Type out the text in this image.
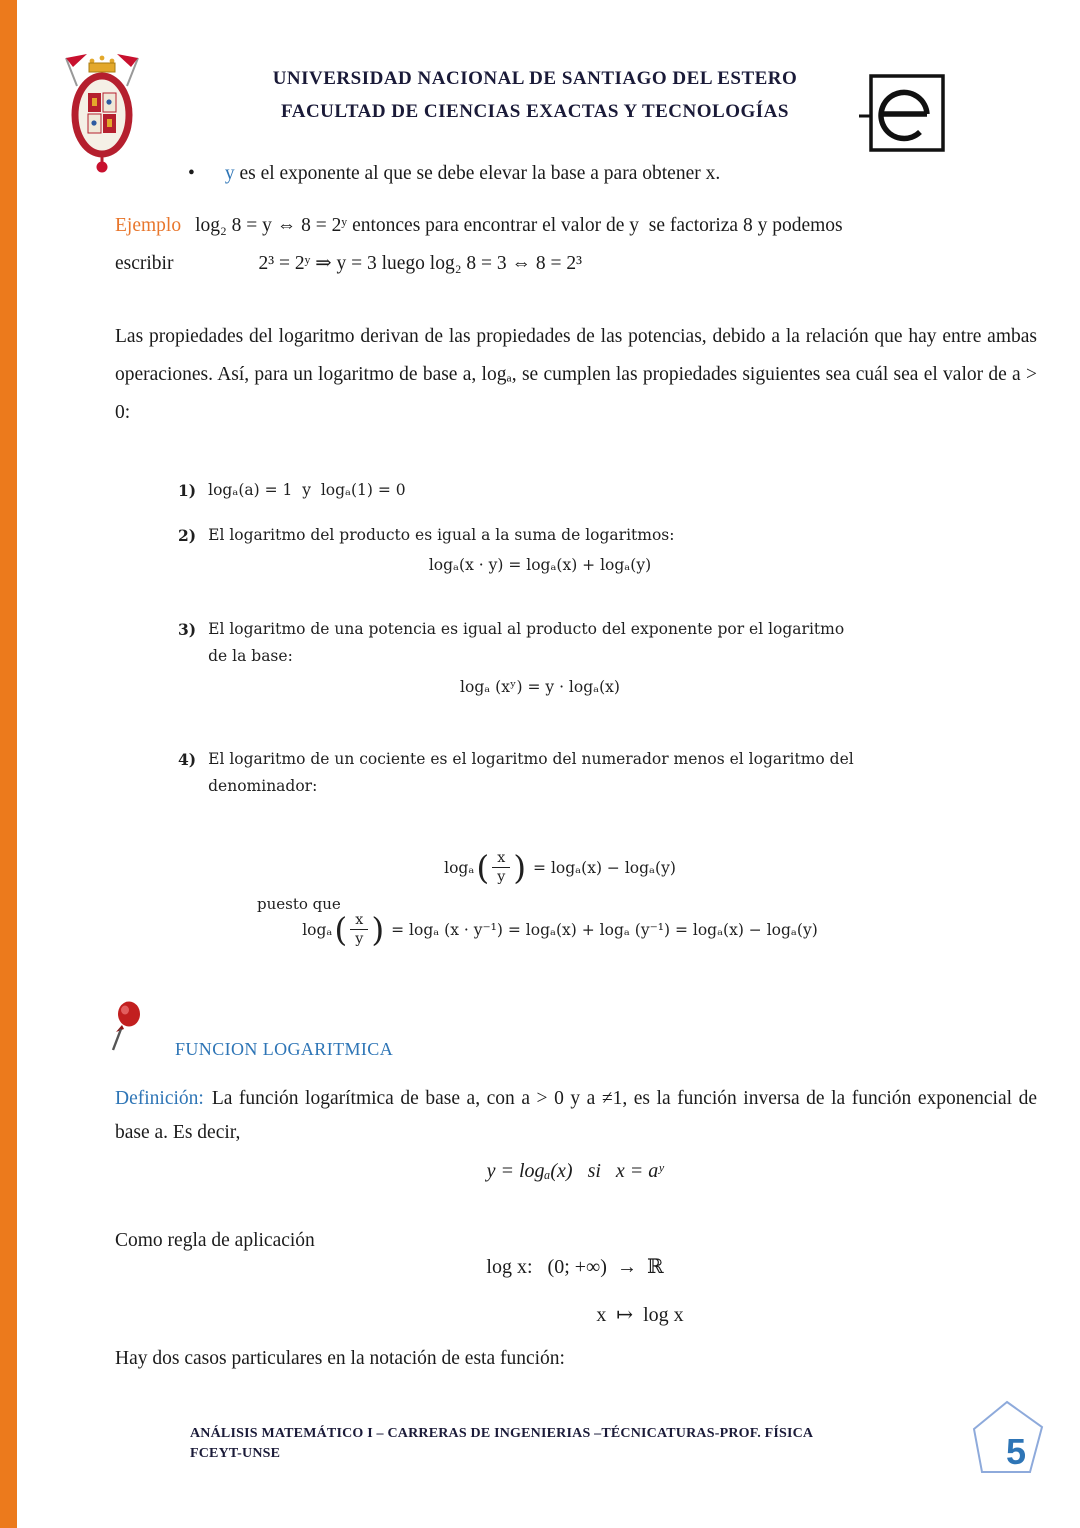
UNIVERSIDAD NACIONAL DE SANTIAGO DEL ESTERO
FACULTAD DE CIENCIAS EXACTAS Y TECNOLOGÍAS
• y es el exponente al que se debe elevar la base a para obtener x.
Ejemplo log₂ 8 = y ⇔ 8 = 2ʸ entonces para encontrar el valor de y  se factoriza 8 y podemos
escribir	2³ = 2ʸ ⇒ y = 3 luego log₂ 8 = 3 ⇔ 8 = 2³
Las propiedades del logaritmo derivan de las propiedades de las potencias, debido a la relación que hay entre ambas operaciones. Así, para un logaritmo de base a, logₐ, se cumplen las propiedades siguientes sea cuál sea el valor de a > 0:
1) logₐ(a) = 1  y  logₐ(1) = 0
2) El logaritmo del producto es igual a la suma de logaritmos:
logₐ(x · y) = logₐ(x) + logₐ(y)
3) El logaritmo de una potencia es igual al producto del exponente por el logaritmo
de la base:
logₐ (xʸ) = y · logₐ(x)
4) El logaritmo de un cociente es el logaritmo del numerador menos el logaritmo del
denominador:
$\log_a( \frac{x}{y}$ ) = logₐ(x) − logₐ(y)
puesto que
$\log_a( \frac{x}{y}$ ) = logₐ (x · y⁻¹) = logₐ(x) + logₐ (y⁻¹) = logₐ(x) − logₐ(y)
FUNCION LOGARITMICA
Definición: La función logarítmica de base a, con a > 0 y a ≠1, es la función inversa de la función exponencial de base a. Es decir,
y = logₐ(x)   si   x = aʸ
Como regla de aplicación
log x:   (0; +∞)  →  ℝ
x  ↦  log x
Hay dos casos particulares en la notación de esta función:
ANÁLISIS MATEMÁTICO I – CARRERAS DE INGENIERIAS –TÉCNICATURAS-PROF. FÍSICA
FCEYT-UNSE	5
